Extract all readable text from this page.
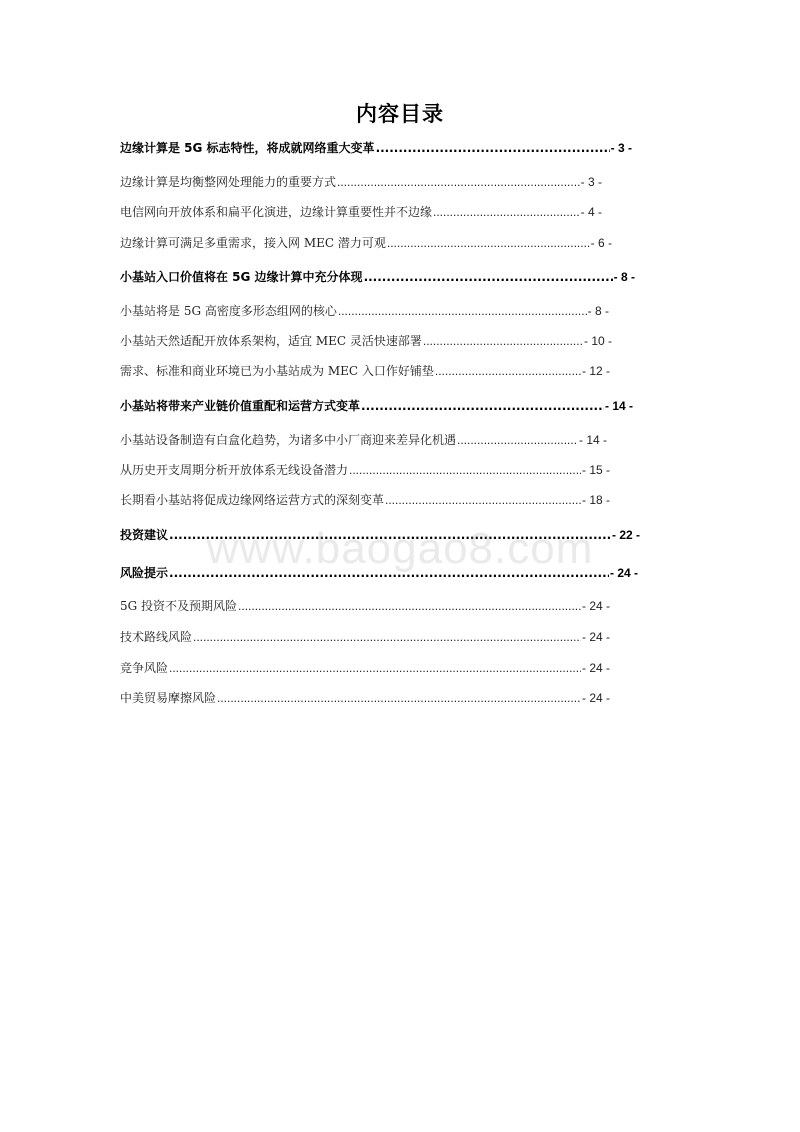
内容目录
边缘计算是 5G 标志特性，将成就网络重大变革 .....	- 3 -
边缘计算是均衡整网处理能力的重要方式 .....	- 3 -
电信网向开放体系和扁平化演进，边缘计算重要性并不边缘 .....	- 4 -
边缘计算可满足多重需求，接入网 MEC 潜力可观 .....	- 6 -
小基站入口价值将在 5G 边缘计算中充分体现 .....	- 8 -
小基站将是 5G 高密度多形态组网的核心 .....	- 8 -
小基站天然适配开放体系架构，适宜 MEC 灵活快速部署 .....	- 10 -
需求、标准和商业环境已为小基站成为 MEC 入口作好铺垫 .....	- 12 -
小基站将带来产业链价值重配和运营方式变革 .....	- 14 -
小基站设备制造有白盒化趋势，为诸多中小厂商迎来差异化机遇 .....	- 14 -
从历史开支周期分析开放体系无线设备潜力 .....	- 15 -
长期看小基站将促成边缘网络运营方式的深刻变革 .....	- 18 -
投资建议 .....	- 22 -
风险提示 .....	- 24 -
5G 投资不及预期风险 .....	- 24 -
技术路线风险 .....	- 24 -
竞争风险 .....	- 24 -
中美贸易摩擦风险 .....	- 24 -
www.baogao8.com
